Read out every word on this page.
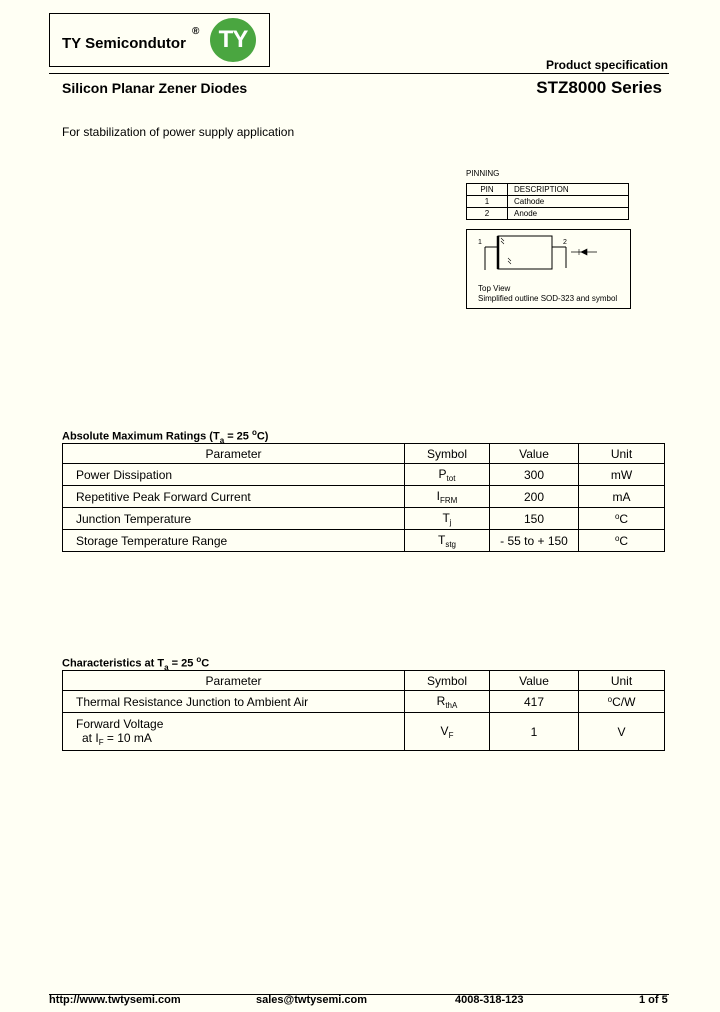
TY Semicondutor
® TY
Product specification
Silicon Planar Zener Diodes	STZ8000 Series
For stabilization of power supply application
PINNING
PIN	DESCRIPTION
1	Cathode
2	Anode
1	2
Top View
Simplified outline SOD-323 and symbol
Absolute Maximum Ratings ($T_a = 25$ $^o$C)
Parameter	Symbol	Value	Unit
Power Dissipation	$P_{tot}$	300	mW
Repetitive Peak Forward Current	$I_{FRM}$	200	mA
Junction Temperature	$T_j$	150	$^o$C
Storage Temperature Range	$T_{stg}$	- 55 to + 150	$^o$C
Characteristics at $T_a = 25$ $^o$C
Parameter	Symbol	Value	Unit
Thermal Resistance Junction to Ambient Air	$R_{thA}$	417	$^o$C/W

Forward Voltage
at $I_F = 10$ mA	$V_F$	1	V
http://www.twtysemi.com	sales@twtysemi.com	4008-318-123	1 of 5
